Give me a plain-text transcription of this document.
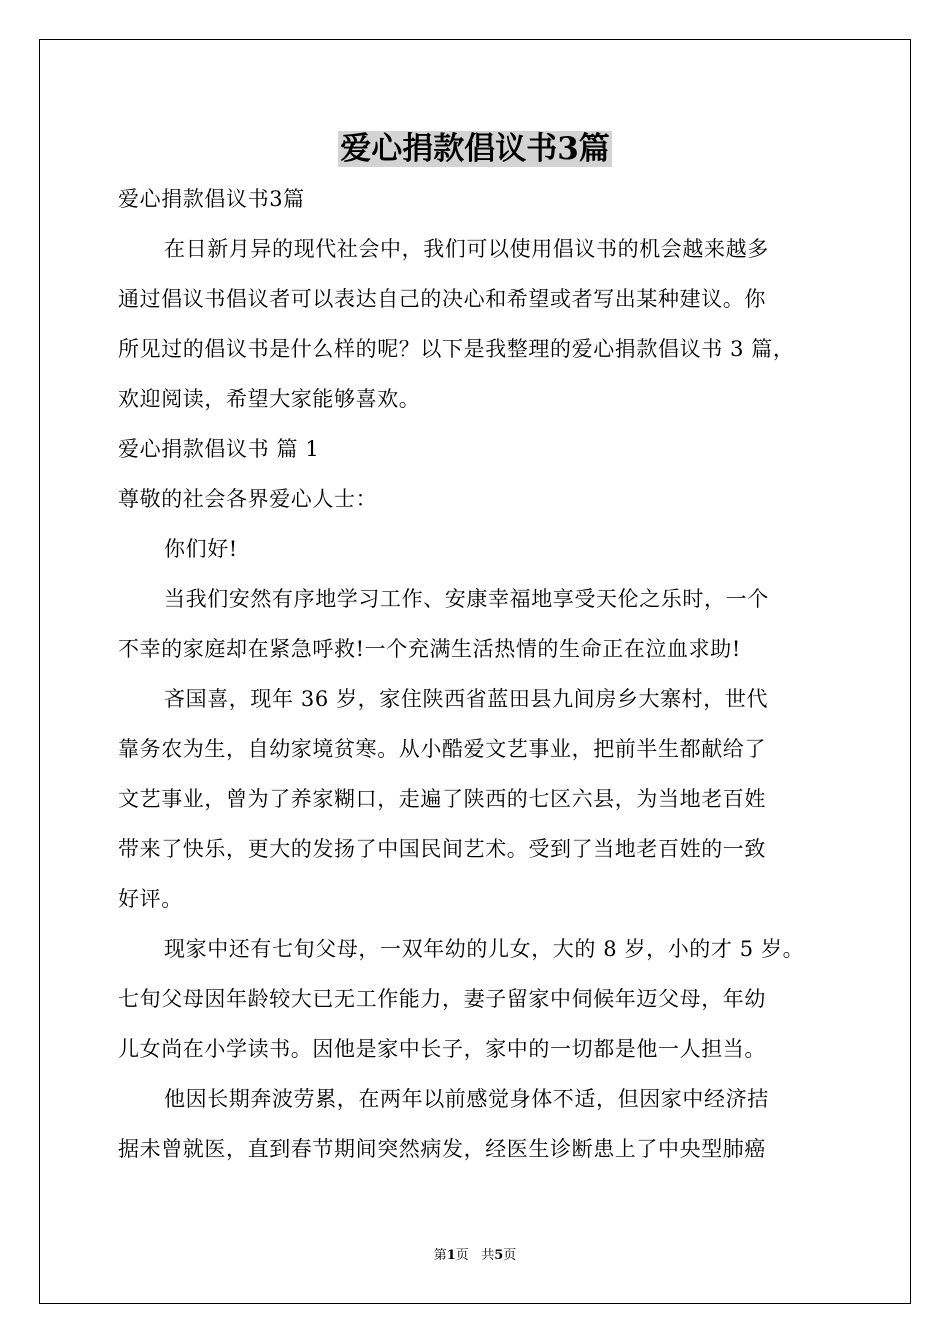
爱心捐款倡议书3篇
爱心捐款倡议书3篇
在日新月异的现代社会中，我们可以使用倡议书的机会越来越多
通过倡议书倡议者可以表达自己的决心和希望或者写出某种建议。你
所见过的倡议书是什么样的呢？以下是我整理的爱心捐款倡议书 3 篇，
欢迎阅读，希望大家能够喜欢。
爱心捐款倡议书 篇 1
尊敬的社会各界爱心人士：
你们好!
当我们安然有序地学习工作、安康幸福地享受天伦之乐时，一个
不幸的家庭却在紧急呼救!一个充满生活热情的生命正在泣血求助!
吝国喜，现年 36 岁，家住陕西省蓝田县九间房乡大寨村，世代
靠务农为生，自幼家境贫寒。从小酷爱文艺事业，把前半生都献给了
文艺事业，曾为了养家糊口，走遍了陕西的七区六县，为当地老百姓
带来了快乐，更大的发扬了中国民间艺术。受到了当地老百姓的一致
好评。
现家中还有七旬父母，一双年幼的儿女，大的 8 岁，小的才 5 岁。
七旬父母因年龄较大已无工作能力，妻子留家中伺候年迈父母，年幼
儿女尚在小学读书。因他是家中长子，家中的一切都是他一人担当。
他因长期奔波劳累，在两年以前感觉身体不适，但因家中经济拮
据未曾就医，直到春节期间突然病发，经医生诊断患上了中央型肺癌
第1页 共5页
